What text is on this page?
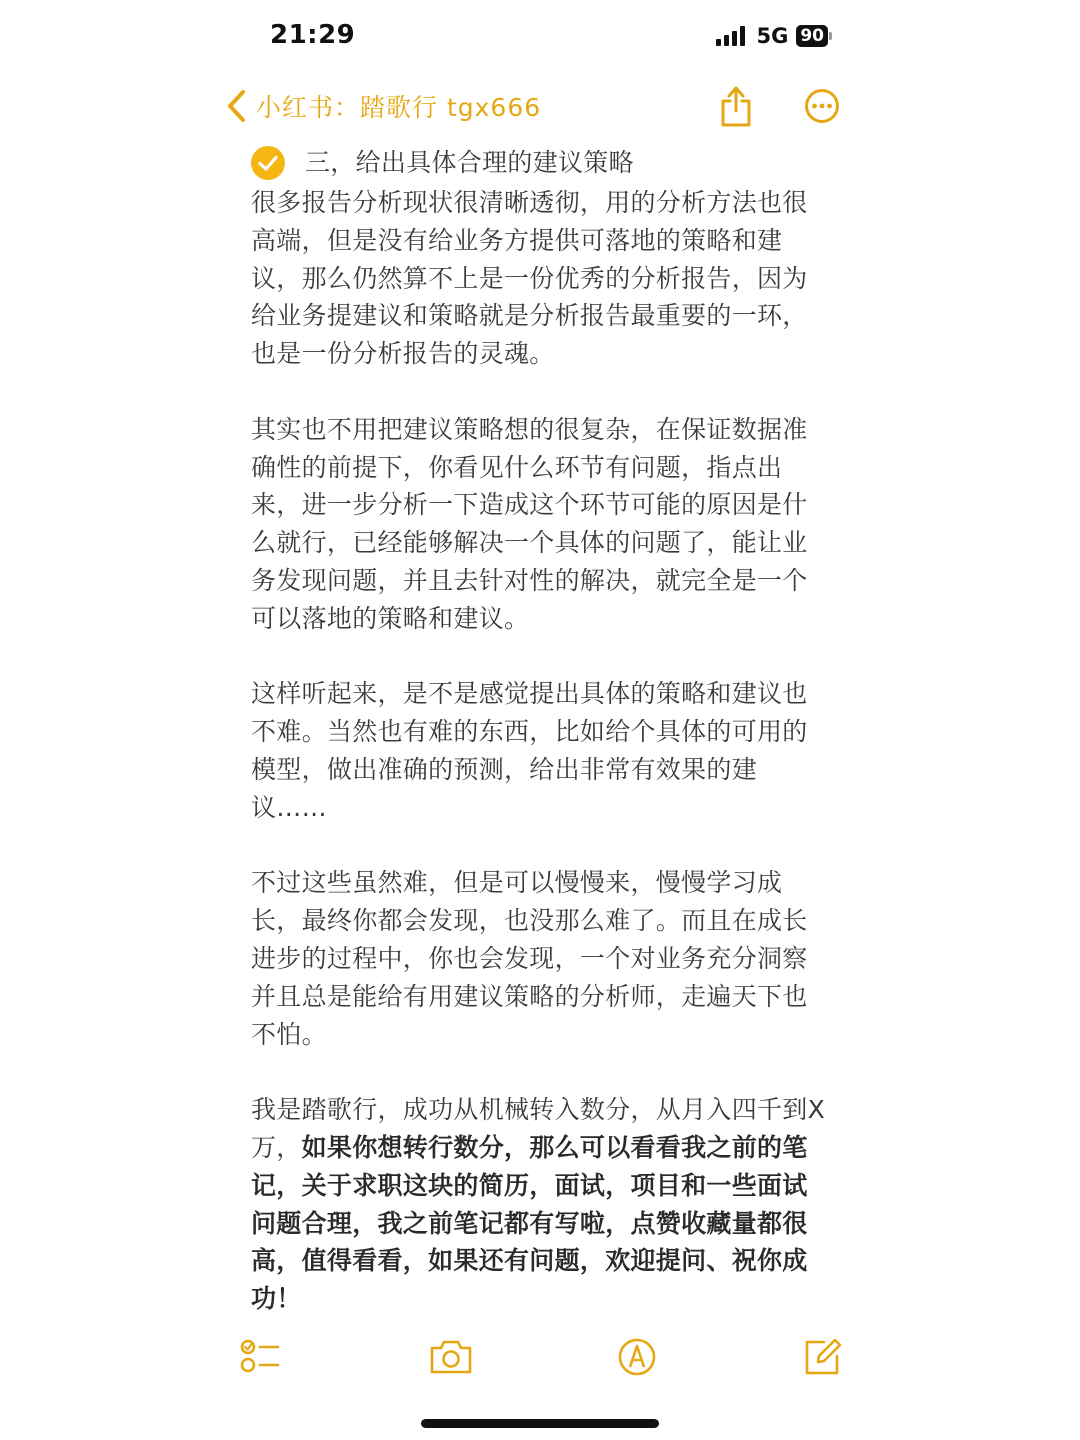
21:29	5G 90
小红书：踏歌行 tgx666
三，给出具体合理的建议策略

很多报告分析现状很清晰透彻，用的分析方法也很高端，但是没有给业务方提供可落地的策略和建议，那么仍然算不上是一份优秀的分析报告，因为给业务提建议和策略就是分析报告最重要的一环，也是一份分析报告的灵魂。

其实也不用把建议策略想的很复杂，在保证数据准确性的前提下，你看见什么环节有问题，指点出来，进一步分析一下造成这个环节可能的原因是什么就行，已经能够解决一个具体的问题了，能让业务发现问题，并且去针对性的解决，就完全是一个可以落地的策略和建议。

这样听起来，是不是感觉提出具体的策略和建议也不难。当然也有难的东西，比如给个具体的可用的模型，做出准确的预测，给出非常有效果的建议……

不过这些虽然难，但是可以慢慢来，慢慢学习成长，最终你都会发现，也没那么难了。而且在成长进步的过程中，你也会发现，一个对业务充分洞察并且总是能给有用建议策略的分析师，走遍天下也不怕。

我是踏歌行，成功从机械转入数分，从月入四千到X万，如果你想转行数分，那么可以看看我之前的笔记，关于求职这块的简历，面试，项目和一些面试问题合理，我之前笔记都有写啦，点赞收藏量都很高，值得看看，如果还有问题，欢迎提问、祝你成功！
